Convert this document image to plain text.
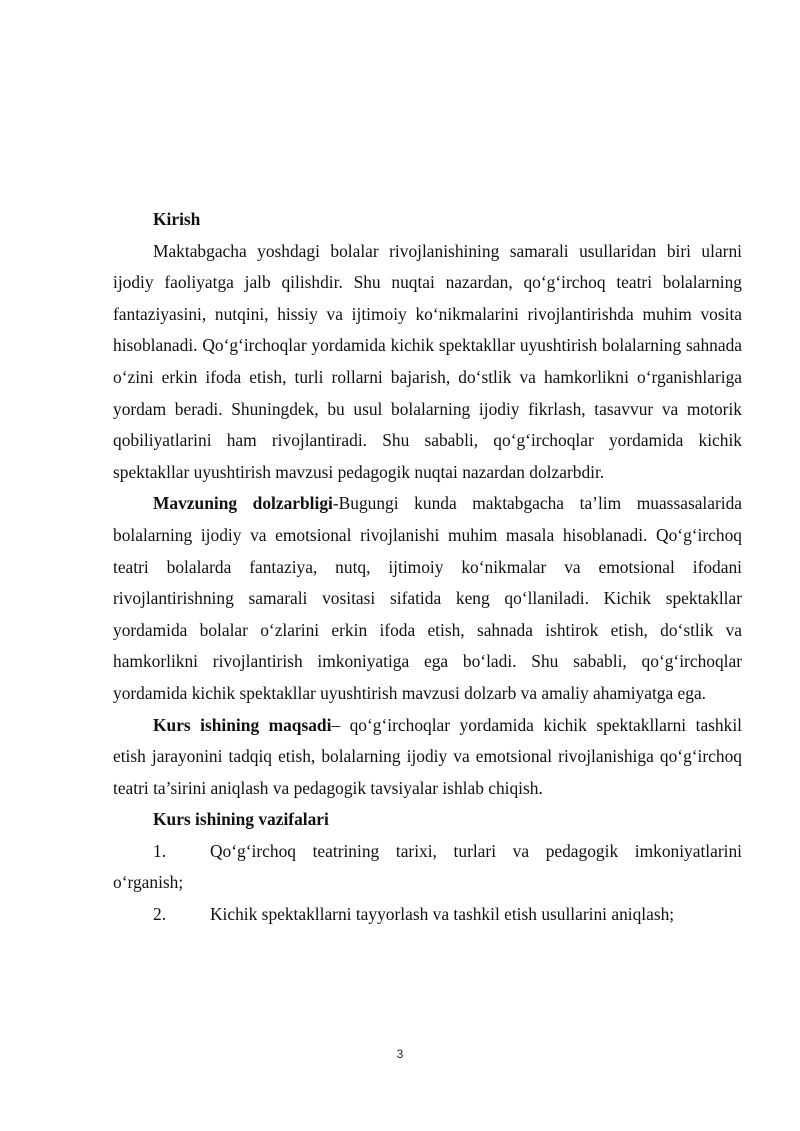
Kirish

Maktabgacha yoshdagi bolalar rivojlanishining samarali usullaridan biri ularni ijodiy faoliyatga jalb qilishdir. Shu nuqtai nazardan, qo‘g‘irchoq teatri bolalarning fantaziyasini, nutqini, hissiy va ijtimoiy ko‘nikmalarini rivojlantirishda muhim vosita hisoblanadi. Qo‘g‘irchoqlar yordamida kichik spektakllar uyushtirish bolalarning sahnada o‘zini erkin ifoda etish, turli rollarni bajarish, do‘stlik va hamkorlikni o‘rganishlariga yordam beradi. Shuningdek, bu usul bolalarning ijodiy fikrlash, tasavvur va motorik qobiliyatlarini ham rivojlantiradi. Shu sababli, qo‘g‘irchoqlar yordamida kichik spektakllar uyushtirish mavzusi pedagogik nuqtai nazardan dolzarbdir.

Mavzuning dolzarbligi-Bugungi kunda maktabgacha ta’lim muassasalarida bolalarning ijodiy va emotsional rivojlanishi muhim masala hisoblanadi. Qo‘g‘irchoq teatri bolalarda fantaziya, nutq, ijtimoiy ko‘nikmalar va emotsional ifodani rivojlantirishning samarali vositasi sifatida keng qo‘llaniladi. Kichik spektakllar yordamida bolalar o‘zlarini erkin ifoda etish, sahnada ishtirok etish, do‘stlik va hamkorlikni rivojlantirish imkoniyatiga ega bo‘ladi. Shu sababli, qo‘g‘irchoqlar yordamida kichik spektakllar uyushtirish mavzusi dolzarb va amaliy ahamiyatga ega.

Kurs ishining maqsadi– qo‘g‘irchoqlar yordamida kichik spektakllarni tashkil etish jarayonini tadqiq etish, bolalarning ijodiy va emotsional rivojlanishiga qo‘g‘irchoq teatri ta’sirini aniqlash va pedagogik tavsiyalar ishlab chiqish.

Kurs ishining vazifalari

1.	Qo‘g‘irchoq teatrining tarixi, turlari va pedagogik imkoniyatlarini o‘rganish;

2.	Kichik spektakllarni tayyorlash va tashkil etish usullarini aniqlash;

3
